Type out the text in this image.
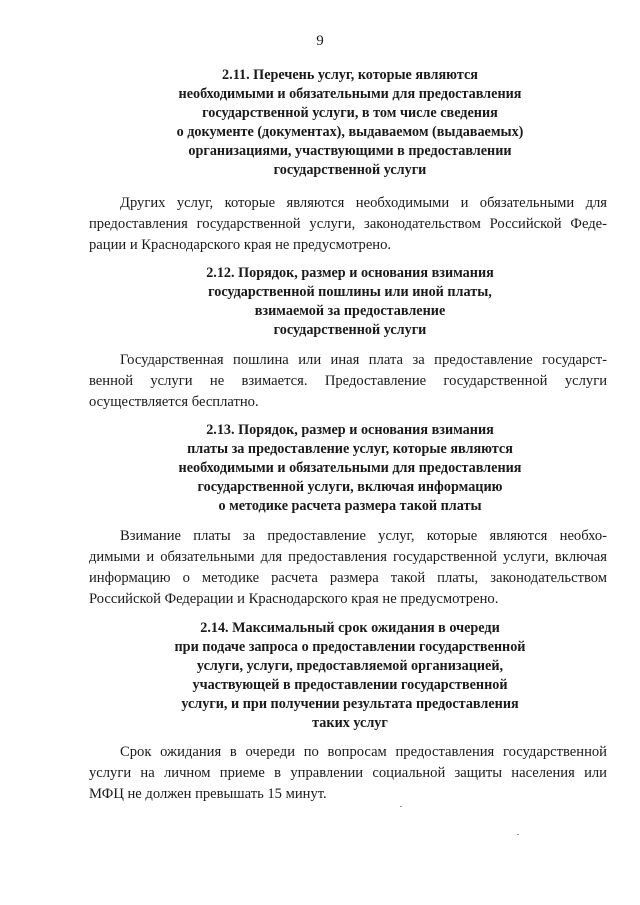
9
2.11. Перечень услуг, которые являются
необходимыми и обязательными для предоставления
государственной услуги, в том числе сведения
о документе (документах), выдаваемом (выдаваемых)
организациями, участвующими в предоставлении
государственной услуги
Других услуг, которые являются необходимыми и обязательными для
предоставления государственной услуги, законодательством Российской Феде-
рации и Краснодарского края не предусмотрено.
2.12. Порядок, размер и основания взимания
государственной пошлины или иной платы,
взимаемой за предоставление
государственной услуги
Государственная пошлина или иная плата за предоставление государст-
венной услуги не взимается. Предоставление государственной услуги
осуществляется бесплатно.
2.13. Порядок, размер и основания взимания
платы за предоставление услуг, которые являются
необходимыми и обязательными для предоставления
государственной услуги, включая информацию
о методике расчета размера такой платы
Взимание платы за предоставление услуг, которые являются необхо-
димыми и обязательными для предоставления государственной услуги, включая
информацию о методике расчета размера такой платы, законодательством
Российской Федерации и Краснодарского края не предусмотрено.
2.14. Максимальный срок ожидания в очереди
при подаче запроса о предоставлении государственной
услуги, услуги, предоставляемой организацией,
участвующей в предоставлении государственной
услуги, и при получении результата предоставления
таких услуг
Срок ожидания в очереди по вопросам предоставления государственной
услуги на личном приеме в управлении социальной защиты населения или
МФЦ не должен превышать 15 минут.
